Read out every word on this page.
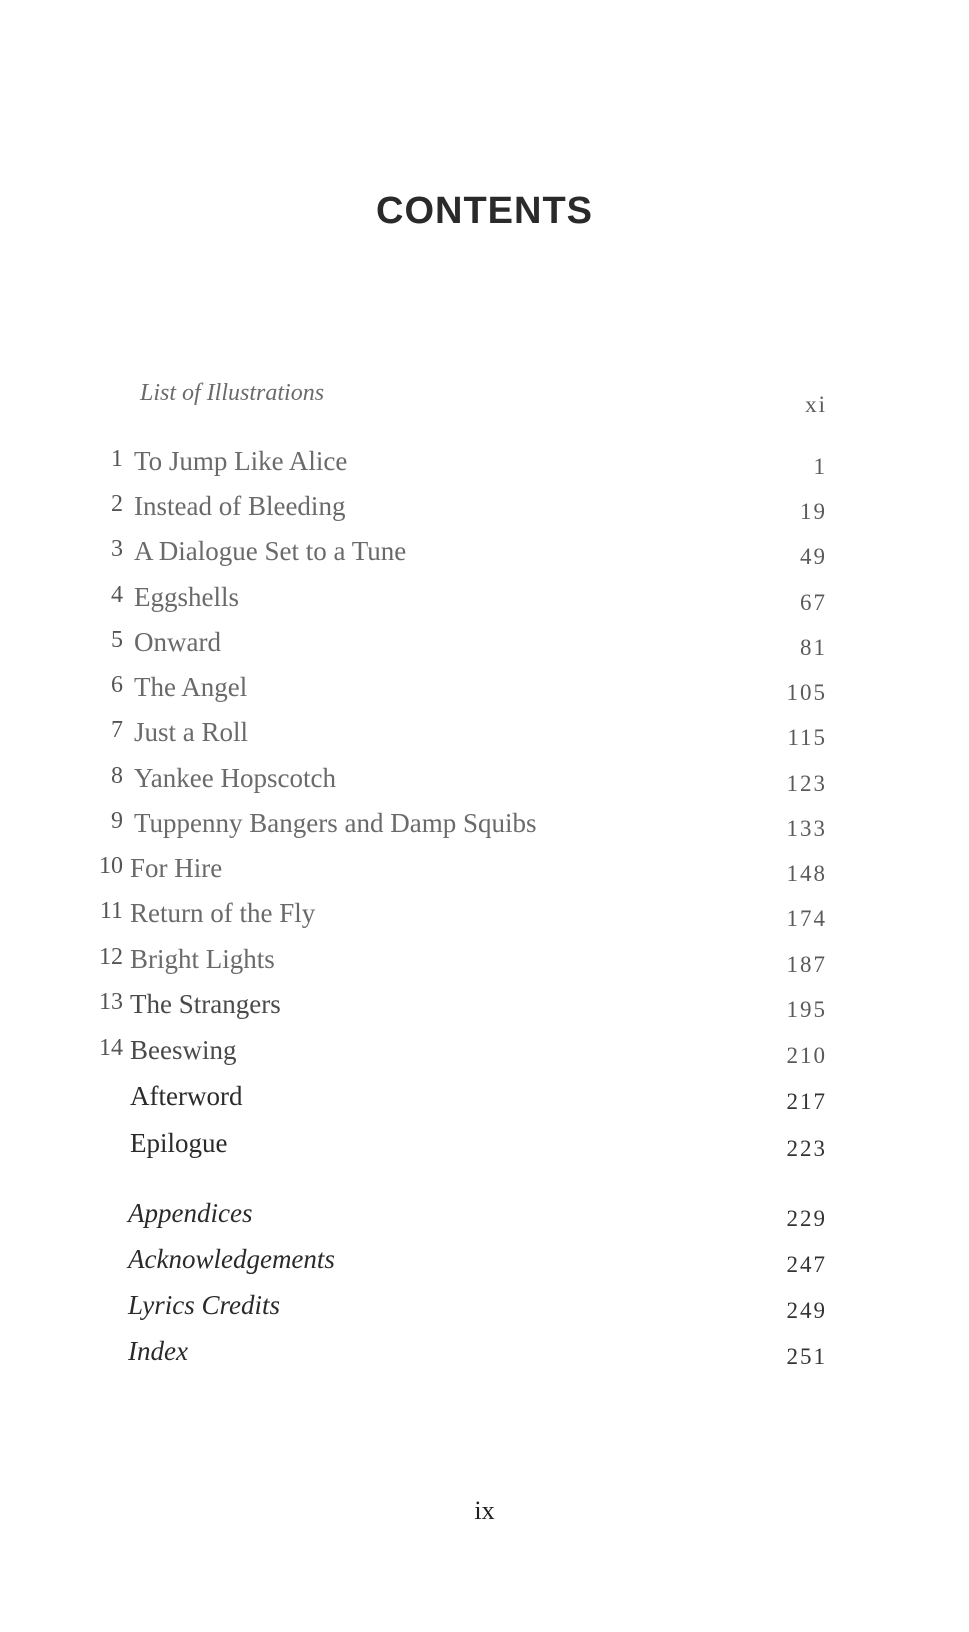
CONTENTS
List of Illustrations	xi
1 To Jump Like Alice	1
2 Instead of Bleeding	19
3 A Dialogue Set to a Tune	49
4 Eggshells	67
5 Onward	81
6 The Angel	105
7 Just a Roll	115
8 Yankee Hopscotch	123
9 Tuppenny Bangers and Damp Squibs	133
10 For Hire	148
11 Return of the Fly	174
12 Bright Lights	187
13 The Strangers	195
14 Beeswing	210
Afterword	217
Epilogue	223
Appendices	229
Acknowledgements	247
Lyrics Credits	249
Index	251
ix
